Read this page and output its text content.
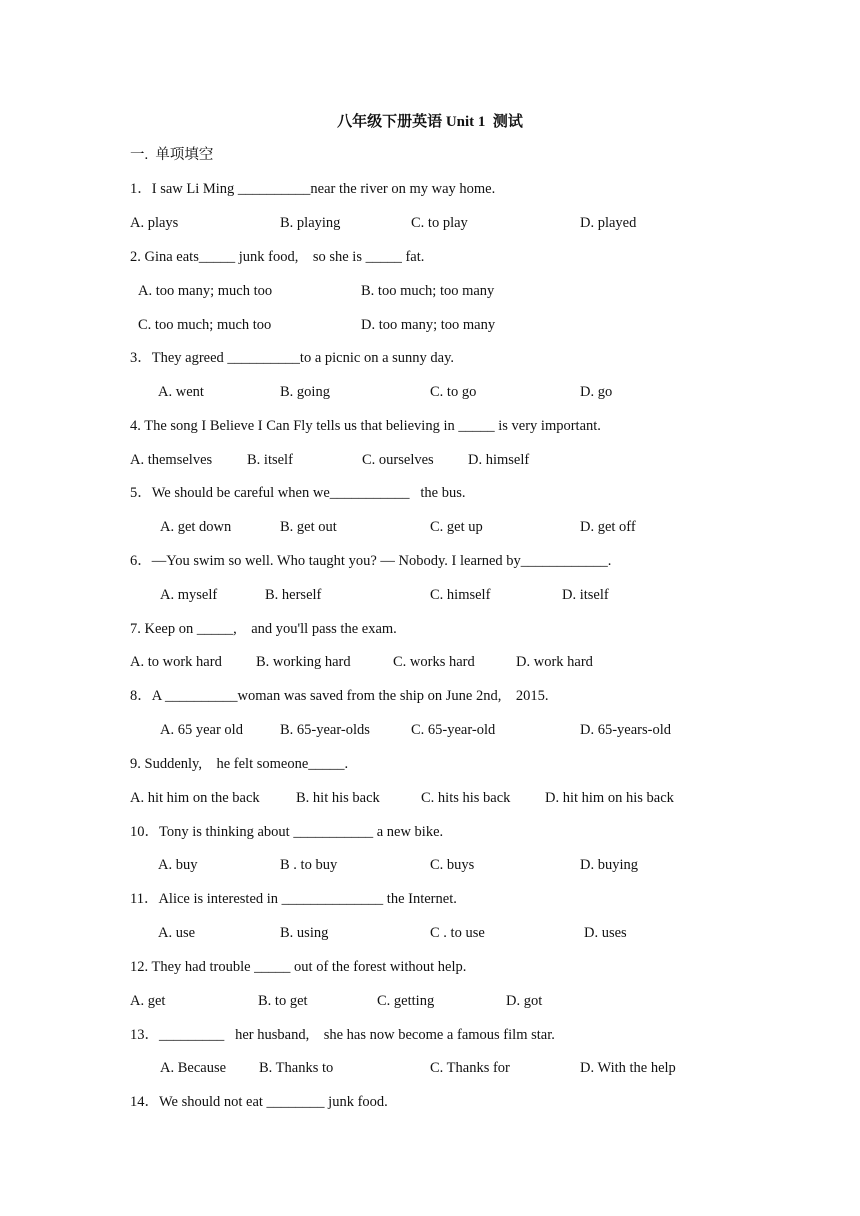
八年级下册英语 Unit 1  测试
一.  单项填空
1．I saw Li Ming __________near the river on my way home.
A. plays	B. playing	C. to play	D. played
2. Gina eats_____ junk food,    so she is _____ fat.
A. too many; much too	B. too much; too many
C. too much; much too	D. too many; too many
3．They agreed __________to a picnic on a sunny day.
A. went	B. going	C. to go	D. go
4. The song I Believe I Can Fly tells us that believing in _____ is very important.
A. themselves B. itself	C. ourselves D. himself
5．We should be careful when we___________   the bus.
A. get down	B. get out	C. get up	D. get off
6．—You swim so well. Who taught you? — Nobody. I learned by____________.
A. myself	B. herself	C. himself	D. itself
7. Keep on _____,    and you'll pass the exam.
A. to work hard B. working hard	C. works hard	D. work hard
8．A __________woman was saved from the ship on June 2nd,    2015.
A. 65 year old	B. 65-year-olds	C. 65-year-old	D. 65-years-old
9. Suddenly,    he felt someone_____.
A. hit him on the back	B. hit his back	C. hits his back D. hit him on his back
10．Tony is thinking about ___________ a new bike.
A. buy	B . to buy	C. buys	D. buying
11．Alice is interested in ______________ the Internet.
A. use	B. using	C . to use	D. uses
12. They had trouble _____ out of the forest without help.
A. get	B. to get	C. getting	D. got
13．_________   her husband,    she has now become a famous film star.
A. Because B. Thanks to	C. Thanks for	D. With the help
14．We should not eat ________ junk food.
